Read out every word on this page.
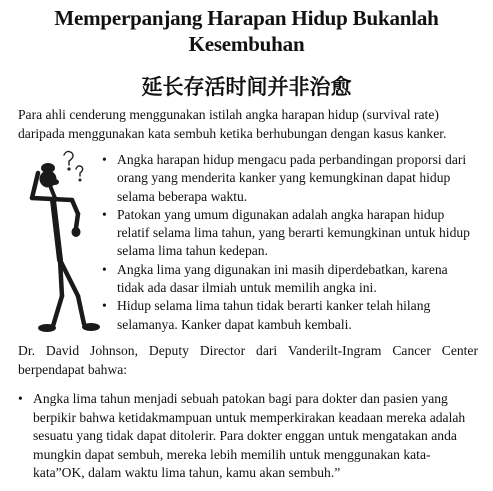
Memperpanjang Harapan Hidup Bukanlah Kesembuhan
延长存活时间并非治愈
Para ahli cenderung menggunakan istilah angka harapan hidup (survival rate) daripada menggunakan kata sembuh ketika berhubungan dengan kasus kanker.
• Angka harapan hidup mengacu pada perbandingan proporsi dari orang yang menderita kanker yang kemungkinan dapat hidup selama beberapa waktu.
• Patokan yang umum digunakan adalah angka harapan hidup relatif selama lima tahun, yang berarti kemungkinan untuk hidup selama lima tahun kedepan.
• Angka lima yang digunakan ini masih diperdebatkan, karena tidak ada dasar ilmiah untuk memilih angka ini.
• Hidup selama lima tahun tidak berarti kanker telah hilang selamanya. Kanker dapat kambuh kembali.
Dr. David Johnson, Deputy Director dari Vanderilt-Ingram Cancer Center berpendapat bahwa:
• Angka lima tahun menjadi sebuah patokan bagi para dokter dan pasien yang berpikir bahwa ketidakmampuan untuk memperkirakan keadaan mereka adalah sesuatu yang tidak dapat ditolerir. Para dokter enggan untuk mengatakan anda mungkin dapat sembuh, mereka lebih memilih untuk menggunakan kata-kata”OK, dalam waktu lima tahun, kamu akan sembuh.”
